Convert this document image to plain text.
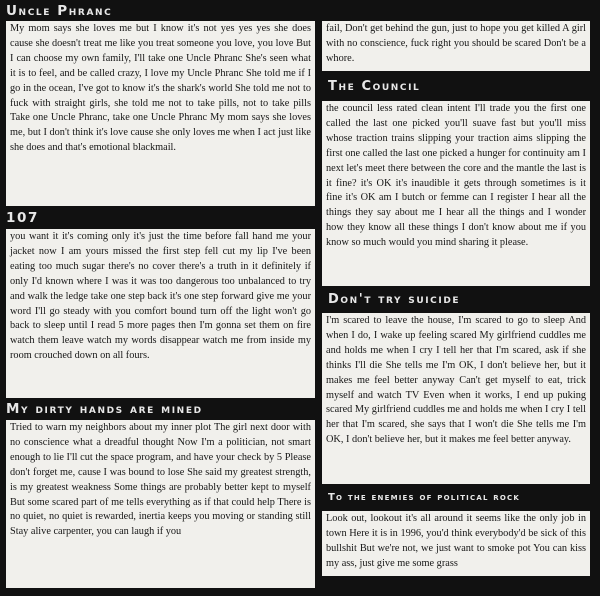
Uncle Phranc
My mom says she loves me but I know it's not yes yes yes she does cause she doesn't treat me like you treat someone you love, you love But I can choose my own family, I'll take one Uncle Phranc She's seen what it is to feel, and be called crazy, I love my Uncle Phranc She told me if I go in the ocean, I've got to know it's the shark's world She told me not to fuck with straight girls, she told me not to take pills, not to take pills Take one Uncle Phranc, take one Uncle Phranc My mom says she loves me, but I don't think it's love cause she only loves me when I act just like she does and that's emotional blackmail.
107
you want it it's coming only it's just the time before fall hand me your jacket now I am yours missed the first step fell cut my lip I've been eating too much sugar there's no cover there's a truth in it definitely if only I'd known where I was it was too dangerous too unbalanced to try and walk the ledge take one step back it's one step forward give me your word I'll go steady with you comfort bound turn off the light won't go back to sleep until I read 5 more pages then I'm gonna set them on fire watch them leave watch my words disappear watch me from inside my room crouched down on all fours.
My dirty hands are mined
Tried to warn my neighbors about my inner plot The girl next door with no conscience what a dreadful thought Now I'm a politician, not smart enough to lie I'll cut the space program, and have your check by 5 Please don't forget me, cause I was bound to lose She said my greatest strength, is my greatest weakness Some things are probably better kept to myself But some scared part of me tells everything as if that could help There is no quiet, no quiet is rewarded, inertia keeps you moving or standing still Stay alive carpenter, you can laugh if you
fail, Don't get behind the gun, just to hope you get killed A girl with no conscience, fuck right you should be scared Don't be a whore.
The Council
the council less rated clean intent I'll trade you the first one called the last one picked you'll suave fast but you'll miss whose traction trains slipping your traction aims slipping the first one called the last one picked a hunger for continuity am I next let's meet there between the core and the mantle the last is it fine? it's OK it's inaudible it gets through sometimes is it fine it's OK am I butch or femme can I register I hear all the things they say about me I hear all the things and I wonder how they know all these things I don't know about me if you know so much would you mind sharing it please.
Don't try suicide
I'm scared to leave the house, I'm scared to go to sleep And when I do, I wake up feeling scared My girlfriend cuddles me and holds me when I cry I tell her that I'm scared, ask if she thinks I'll die She tells me I'm OK, I don't believe her, but it makes me feel better anyway Can't get myself to eat, trick myself and watch TV Even when it works, I end up puking scared My girlfriend cuddles me and holds me when I cry I tell her that I'm scared, she says that I won't die She tells me I'm OK, I don't believe her, but it makes me feel better anyway.
To the enemies of political rock
Look out, lookout it's all around it seems like the only job in town Here it is in 1996, you'd think everybody'd be sick of this bullshit But we're not, we just want to smoke pot You can kiss my ass, just give me some grass
